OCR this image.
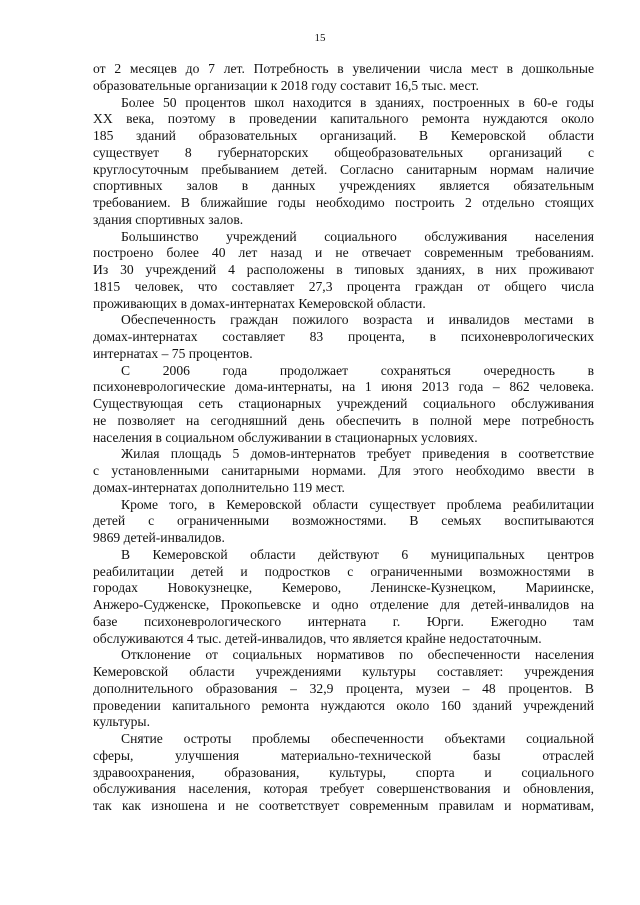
15
от 2 месяцев до 7 лет. Потребность в увеличении числа мест в дошкольные
образовательные организации к 2018 году составит 16,5 тыс. мест.
Более 50 процентов школ находится в зданиях, построенных в 60-е годы
XX века, поэтому в проведении капитального ремонта нуждаются около
185 зданий образовательных организаций. В Кемеровской области
существует 8 губернаторских общеобразовательных организаций с
круглосуточным пребыванием детей. Согласно санитарным нормам наличие
спортивных залов в данных учреждениях является обязательным
требованием. В ближайшие годы необходимо построить 2 отдельно стоящих
здания спортивных залов.
Большинство учреждений социального обслуживания населения
построено более 40 лет назад и не отвечает современным требованиям.
Из 30 учреждений 4 расположены в типовых зданиях, в них проживают
1815 человек, что составляет 27,3 процента граждан от общего числа
проживающих в домах-интернатах Кемеровской области.
Обеспеченность граждан пожилого возраста и инвалидов местами в
домах-интернатах составляет 83 процента, в психоневрологических
интернатах – 75 процентов.
С 2006 года продолжает сохраняться очередность в
психоневрологические дома-интернаты, на 1 июня 2013 года – 862 человека.
Существующая сеть стационарных учреждений социального обслуживания
не позволяет на сегодняшний день обеспечить в полной мере потребность
населения в социальном обслуживании в стационарных условиях.
Жилая площадь 5 домов-интернатов требует приведения в соответствие
с установленными санитарными нормами. Для этого необходимо ввести в
домах-интернатах дополнительно 119 мест.
Кроме того, в Кемеровской области существует проблема реабилитации
детей с ограниченными возможностями. В семьях воспитываются
9869 детей-инвалидов.
В Кемеровской области действуют 6 муниципальных центров
реабилитации детей и подростков с ограниченными возможностями в
городах Новокузнецке, Кемерово, Ленинске-Кузнецком, Мариинске,
Анжеро-Судженске, Прокопьевске и одно отделение для детей-инвалидов на
базе психоневрологического интерната г. Юрги. Ежегодно там
обслуживаются 4 тыс. детей-инвалидов, что является крайне недостаточным.
Отклонение от социальных нормативов по обеспеченности населения
Кемеровской области учреждениями культуры составляет: учреждения
дополнительного образования – 32,9 процента, музеи – 48 процентов. В
проведении капитального ремонта нуждаются около 160 зданий учреждений
культуры.
Снятие остроты проблемы обеспеченности объектами социальной
сферы, улучшения материально-технической базы отраслей
здравоохранения, образования, культуры, спорта и социального
обслуживания населения, которая требует совершенствования и обновления,
так как изношена и не соответствует современным правилам и нормативам,
